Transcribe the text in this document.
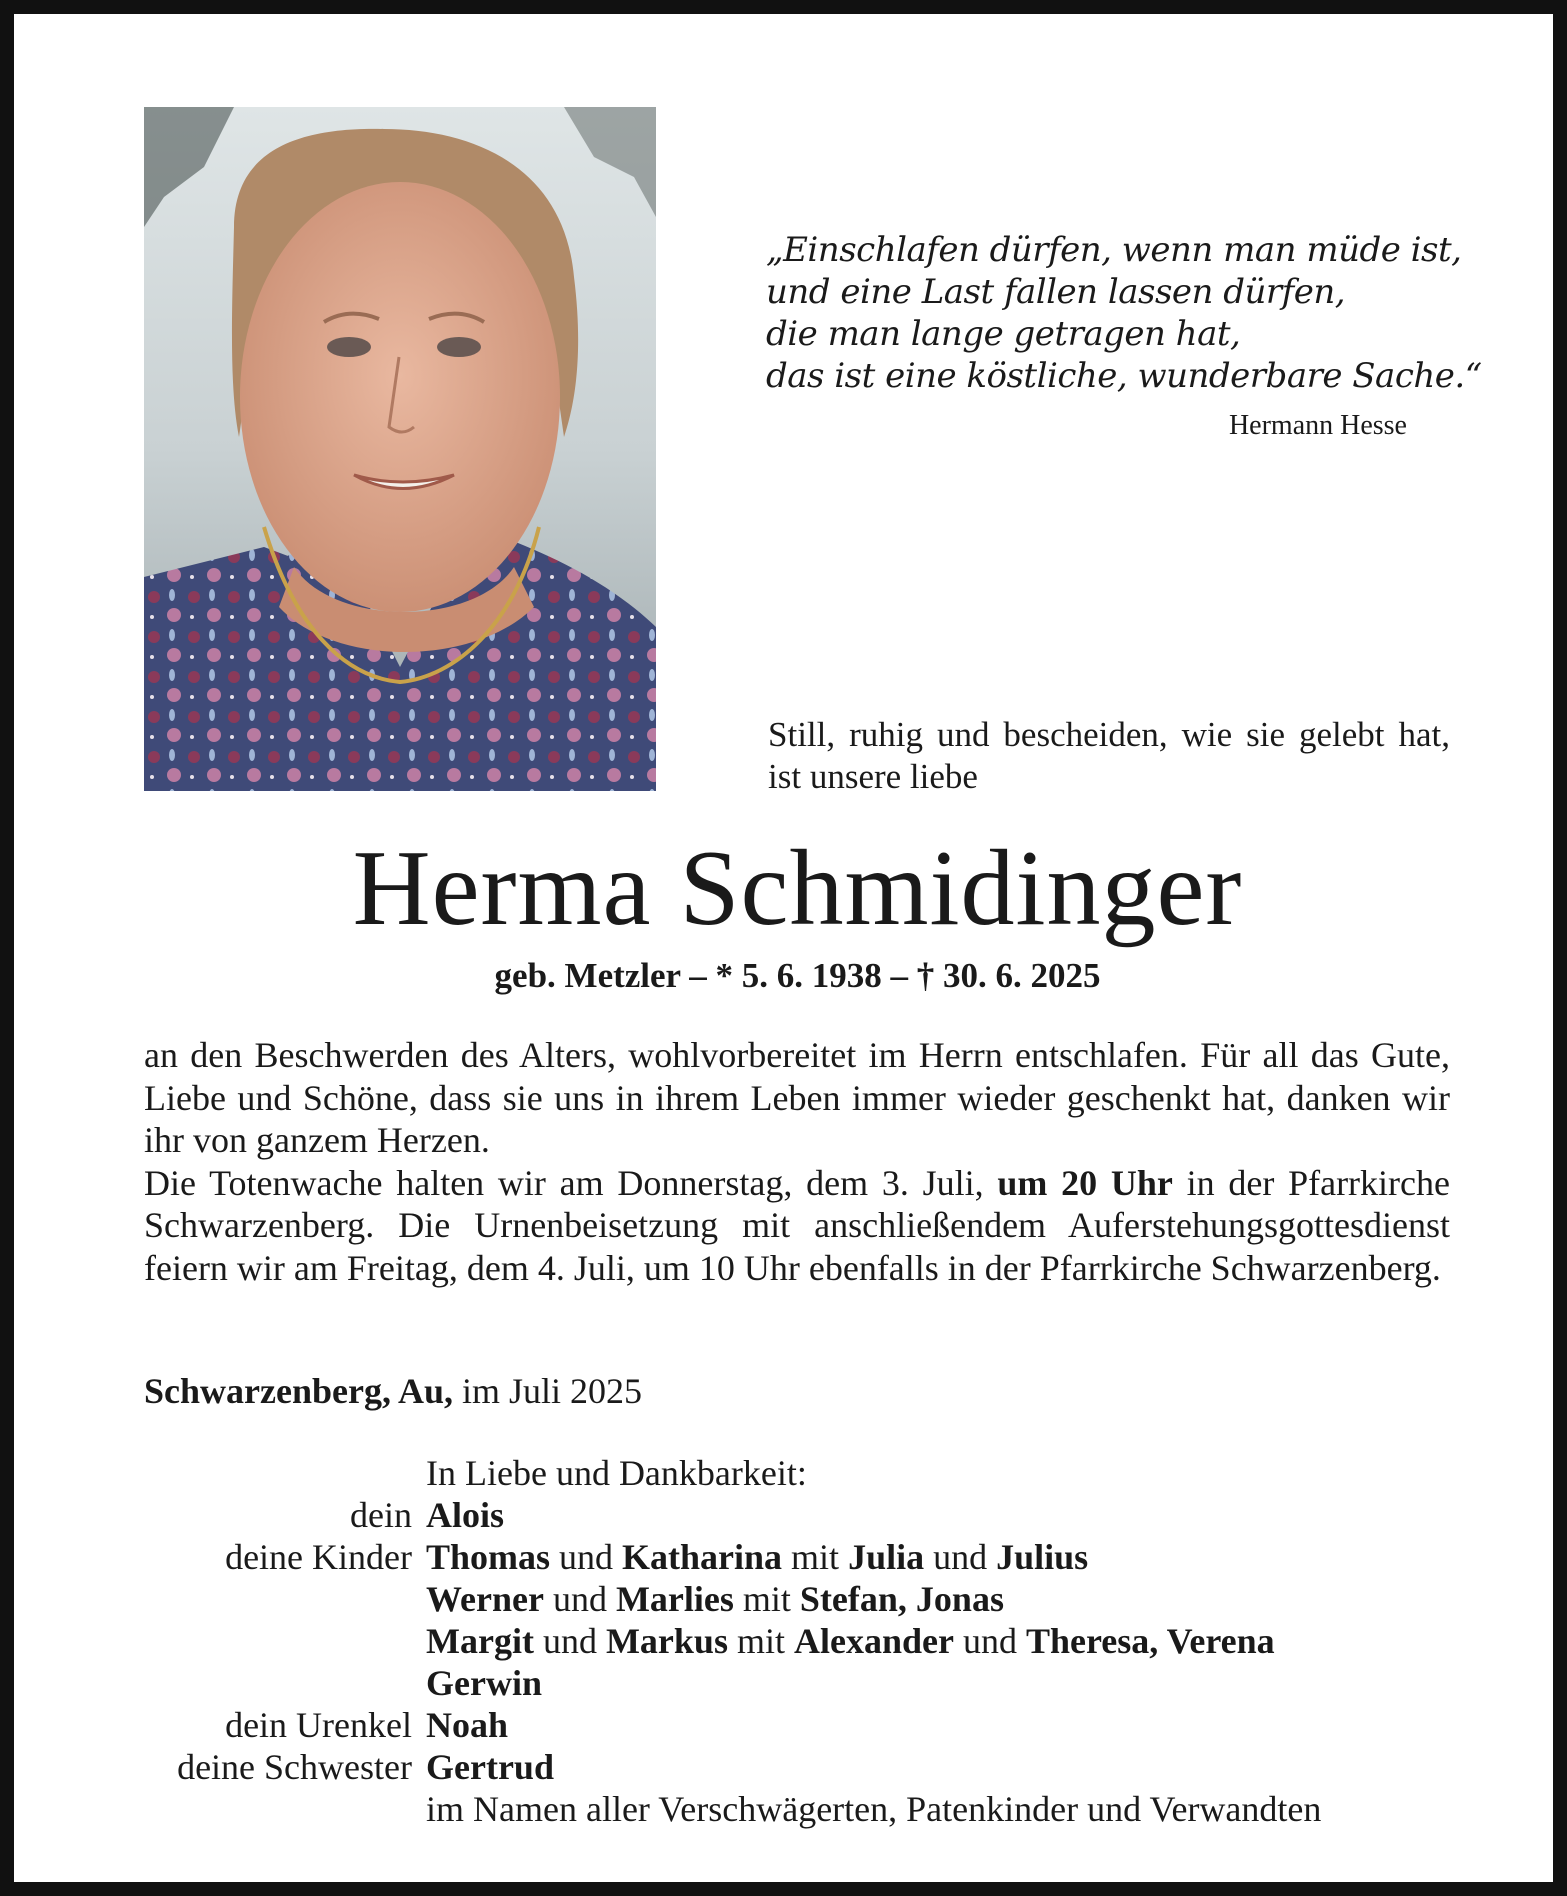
„Einschlafen dürfen, wenn man müde ist,
und eine Last fallen lassen dürfen,
die man lange getragen hat,
das ist eine köstliche, wunderbare Sache.“
Hermann Hesse
Still, ruhig und bescheiden, wie sie gelebt hat, ist unsere liebe
Herma Schmidinger
geb. Metzler – * 5. 6. 1938 – † 30. 6. 2025

an den Beschwerden des Alters, wohlvorbereitet im Herrn entschlafen. Für all das Gute, Liebe und Schöne, dass sie uns in ihrem Leben immer wieder geschenkt hat, danken wir ihr von ganzem Herzen.

Die Totenwache halten wir am Donnerstag, dem 3. Juli, um 20 Uhr in der Pfarrkirche Schwarzenberg. Die Urnenbeisetzung mit anschließendem Auferstehungsgottesdienst feiern wir am Freitag, dem 4. Juli, um 10 Uhr ebenfalls in der Pfarrkirche Schwarzenberg.

Schwarzenberg, Au, im Juli 2025
In Liebe und Dankbarkeit:
dein Alois
deine Kinder Thomas und Katharina mit Julia und Julius
Werner und Marlies mit Stefan, Jonas
Margit und Markus mit Alexander und Theresa, Verena
Gerwin
dein Urenkel Noah
deine Schwester Gertrud
im Namen aller Verschwägerten, Patenkinder und Verwandten
